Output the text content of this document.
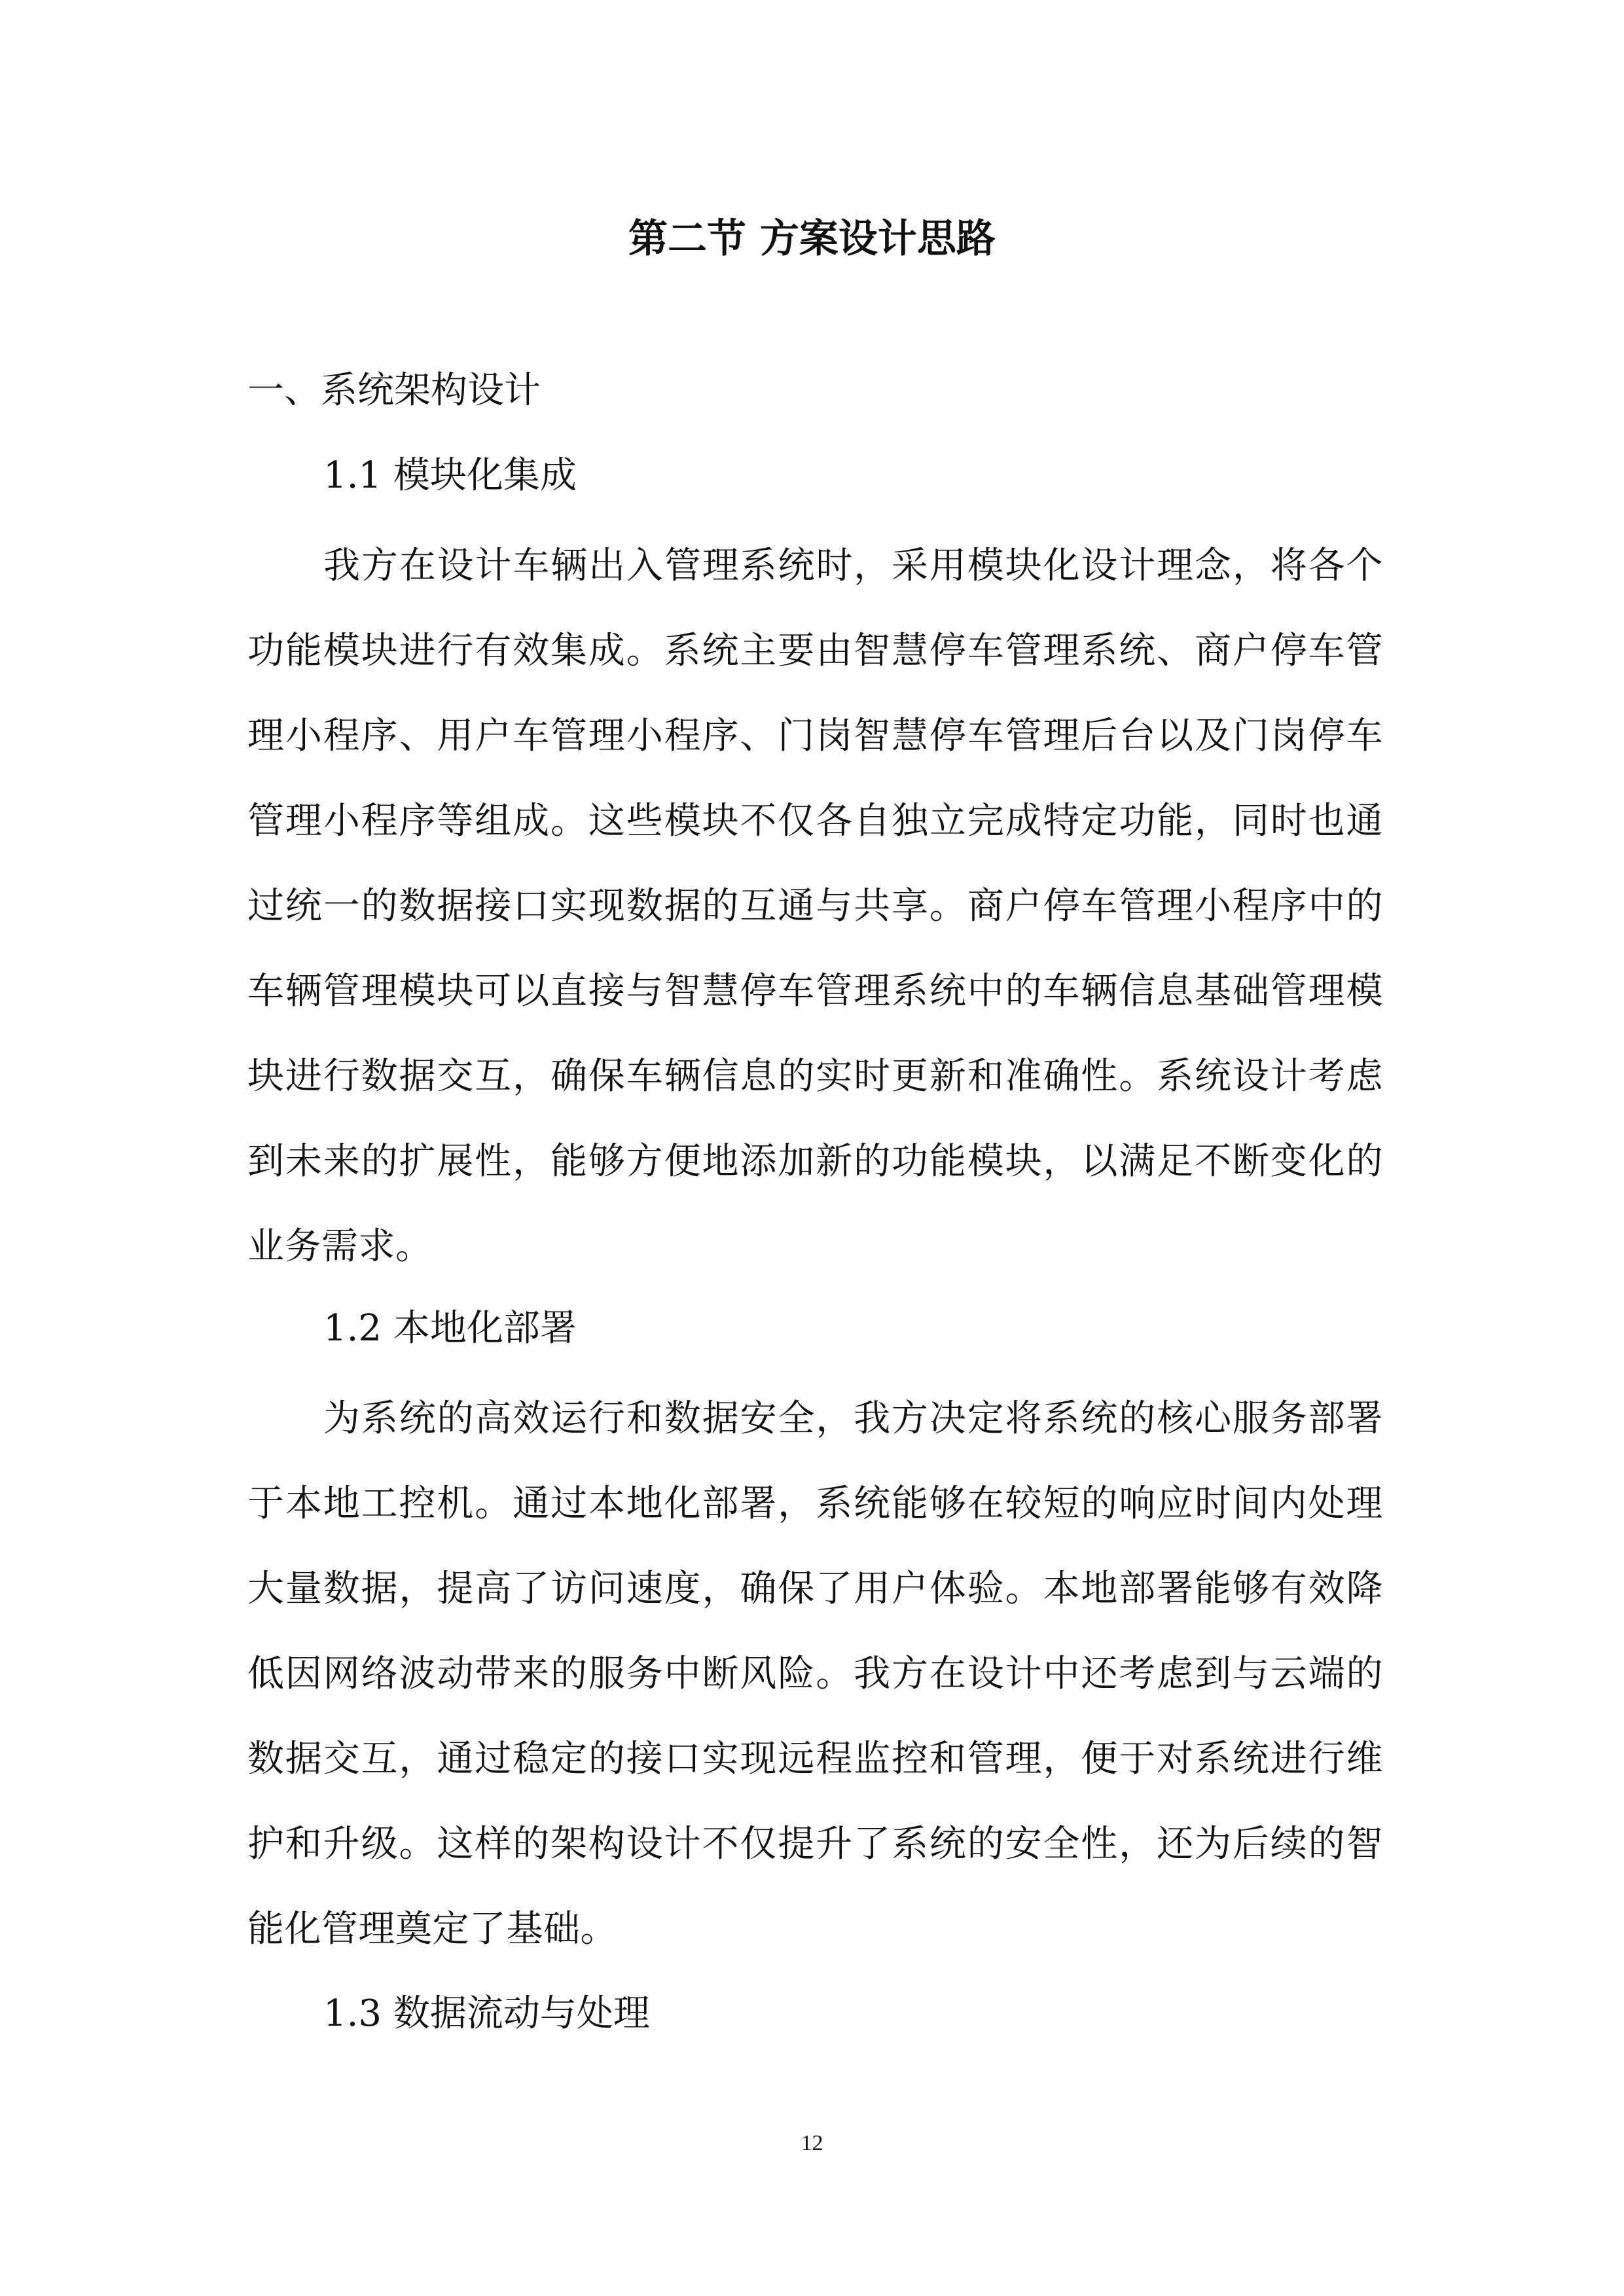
第二节 方案设计思路
一、系统架构设计
1.1 模块化集成

我方在设计车辆出入管理系统时，采用模块化设计理念，将各个功能模块进行有效集成。系统主要由智慧停车管理系统、商户停车管理小程序、用户车管理小程序、门岗智慧停车管理后台以及门岗停车管理小程序等组成。这些模块不仅各自独立完成特定功能，同时也通过统一的数据接口实现数据的互通与共享。商户停车管理小程序中的车辆管理模块可以直接与智慧停车管理系统中的车辆信息基础管理模块进行数据交互，确保车辆信息的实时更新和准确性。系统设计考虑到未来的扩展性，能够方便地添加新的功能模块，以满足不断变化的业务需求。

1.2 本地化部署

为系统的高效运行和数据安全，我方决定将系统的核心服务部署于本地工控机。通过本地化部署，系统能够在较短的响应时间内处理大量数据，提高了访问速度，确保了用户体验。本地部署能够有效降低因网络波动带来的服务中断风险。我方在设计中还考虑到与云端的数据交互，通过稳定的接口实现远程监控和管理，便于对系统进行维护和升级。这样的架构设计不仅提升了系统的安全性，还为后续的智能化管理奠定了基础。

1.3 数据流动与处理
12
